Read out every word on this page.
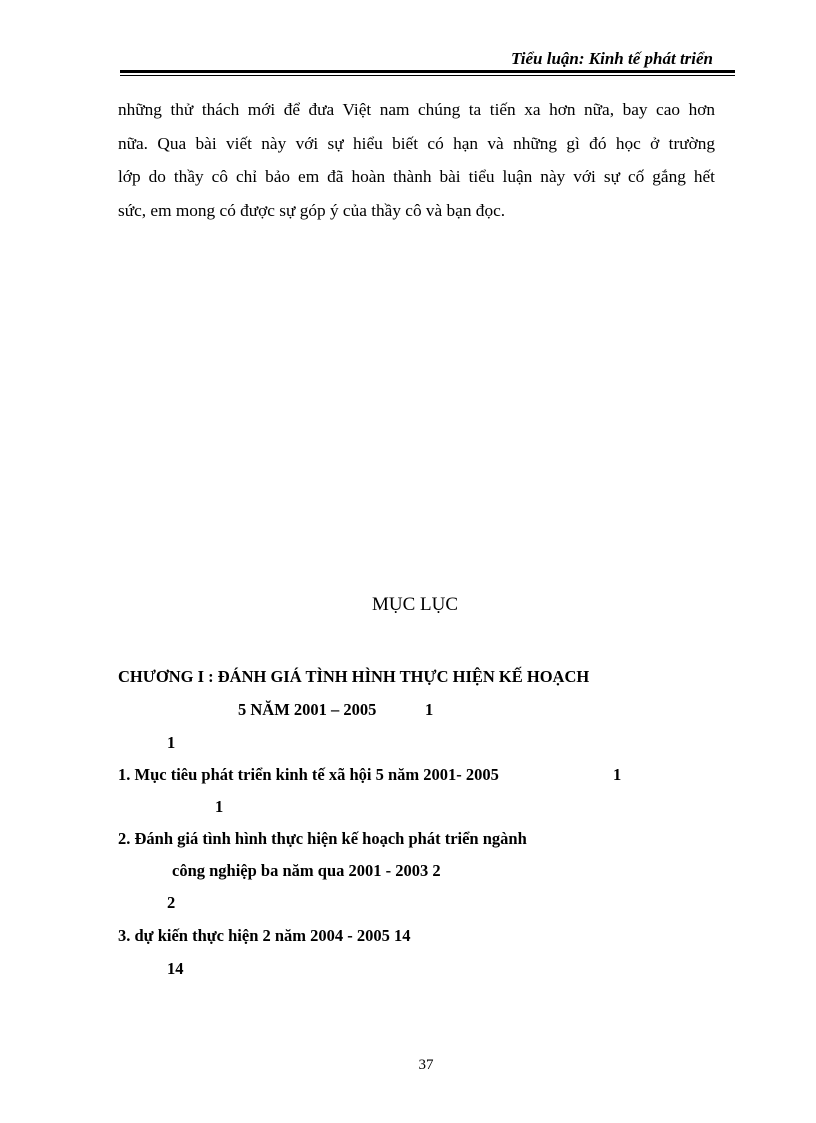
Tiểu luận: Kinh tế phát triển
những thử thách mới để đưa Việt nam chúng ta tiến xa hơn nữa, bay cao hơn
nữa. Qua bài viết này với sự hiểu biết có hạn và những gì đó học ở trường
lớp do thầy cô chỉ bảo em đã hoàn thành bài tiểu luận này với sự cố gắng hết
sức, em mong có được sự góp ý của thầy cô và bạn đọc.
MỤC LỤC
CHƯƠNG I : ĐÁNH GIÁ TÌNH HÌNH THỰC HIỆN KẾ HOẠCH
5 NĂM 2001 – 2005	1
1
1. Mục tiêu phát triển kinh tế xã hội 5 năm 2001- 2005	1
1
2. Đánh giá tình hình thực hiện kế hoạch phát triển ngành
công nghiệp ba năm qua 2001 - 2003 2
2
3. dự kiến thực hiện 2 năm 2004 - 2005 14
14
37
